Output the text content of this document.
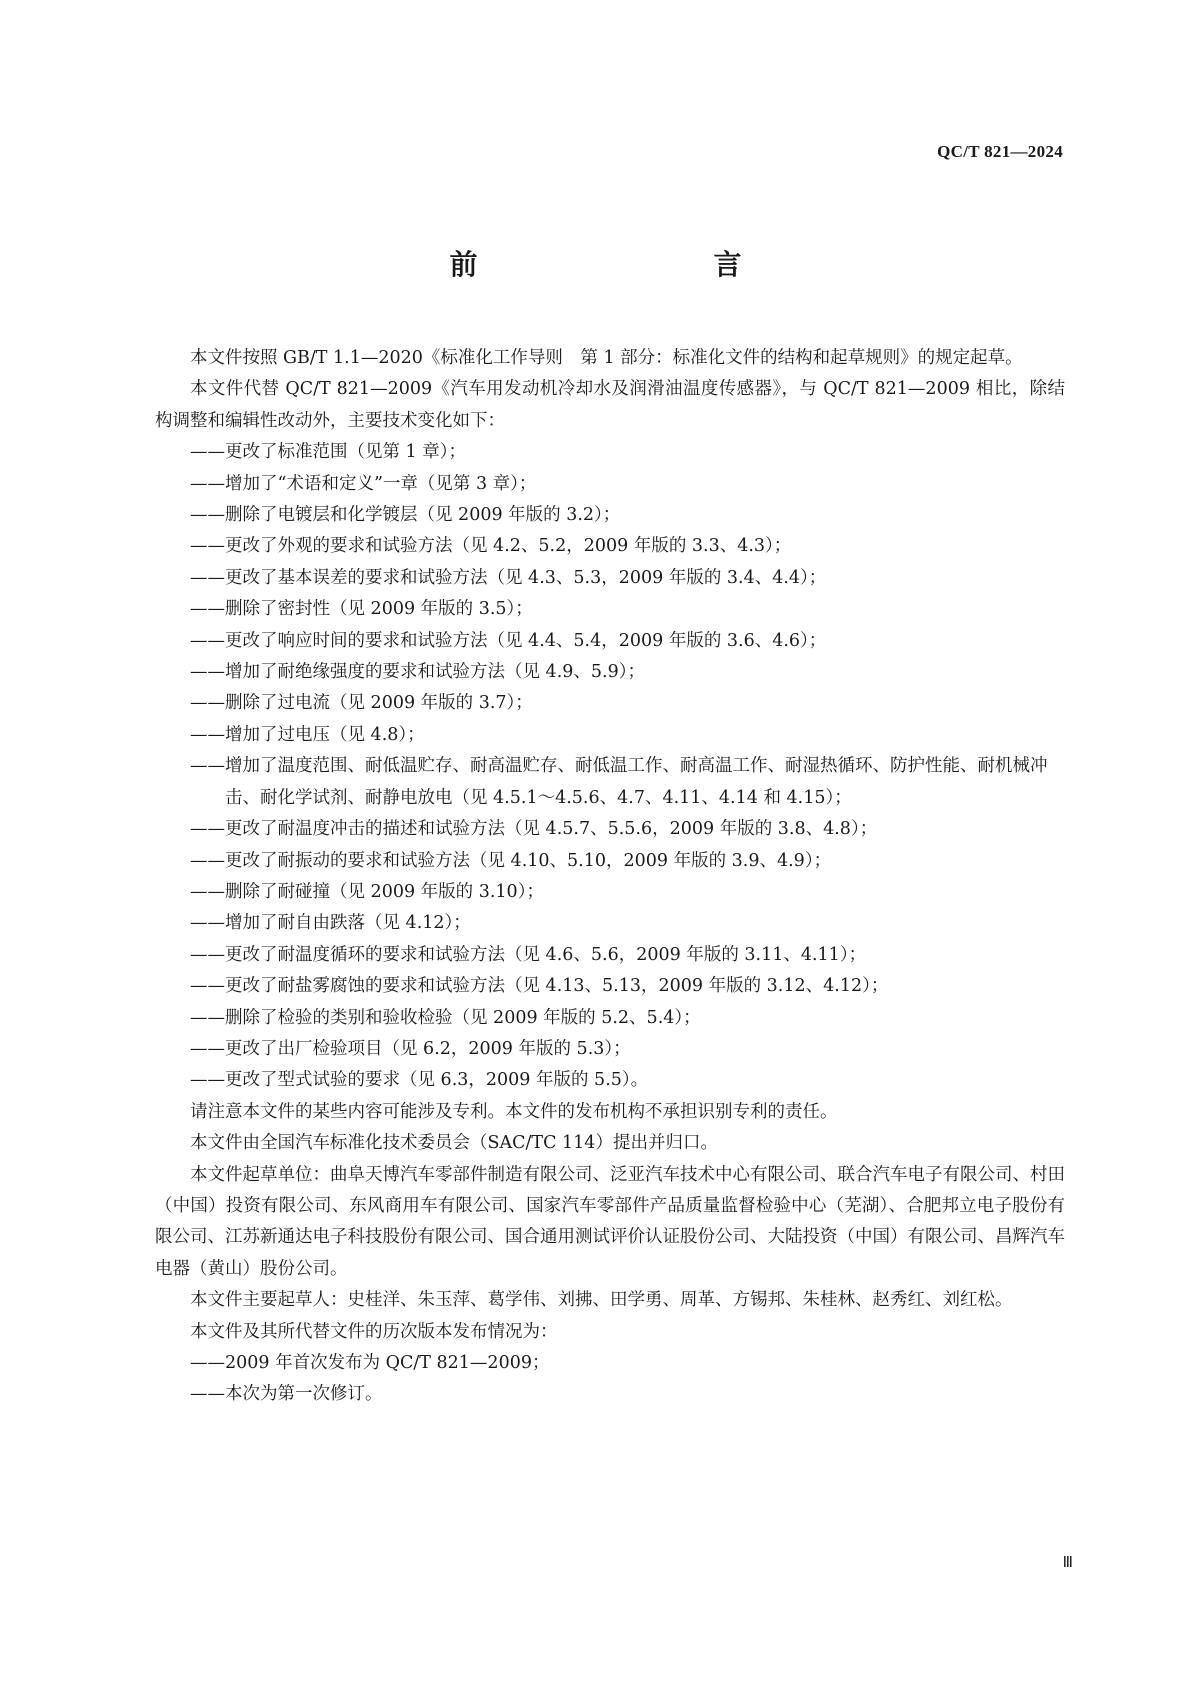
QC/T 821—2024
前　　言

本文件按照 GB/T 1.1—2020《标准化工作导则　第 1 部分：标准化文件的结构和起草规则》的规定起草。

本文件代替 QC/T 821—2009《汽车用发动机冷却水及润滑油温度传感器》，与 QC/T 821—2009 相比，除结构调整和编辑性改动外，主要技术变化如下：

——更改了标准范围（见第 1 章）；

——增加了“术语和定义”一章（见第 3 章）；

——删除了电镀层和化学镀层（见 2009 年版的 3.2）；

——更改了外观的要求和试验方法（见 4.2、5.2，2009 年版的 3.3、4.3）；

——更改了基本误差的要求和试验方法（见 4.3、5.3，2009 年版的 3.4、4.4）；

——删除了密封性（见 2009 年版的 3.5）；

——更改了响应时间的要求和试验方法（见 4.4、5.4，2009 年版的 3.6、4.6）；

——增加了耐绝缘强度的要求和试验方法（见 4.9、5.9）；

——删除了过电流（见 2009 年版的 3.7）；

——增加了过电压（见 4.8）；

——增加了温度范围、耐低温贮存、耐高温贮存、耐低温工作、耐高温工作、耐湿热循环、防护性能、耐机械冲击、耐化学试剂、耐静电放电（见 4.5.1～4.5.6、4.7、4.11、4.14 和 4.15）；

——更改了耐温度冲击的描述和试验方法（见 4.5.7、5.5.6，2009 年版的 3.8、4.8）；

——更改了耐振动的要求和试验方法（见 4.10、5.10，2009 年版的 3.9、4.9）；

——删除了耐碰撞（见 2009 年版的 3.10）；

——增加了耐自由跌落（见 4.12）；

——更改了耐温度循环的要求和试验方法（见 4.6、5.6，2009 年版的 3.11、4.11）；

——更改了耐盐雾腐蚀的要求和试验方法（见 4.13、5.13，2009 年版的 3.12、4.12）；

——删除了检验的类别和验收检验（见 2009 年版的 5.2、5.4）；

——更改了出厂检验项目（见 6.2，2009 年版的 5.3）；

——更改了型式试验的要求（见 6.3，2009 年版的 5.5）。

请注意本文件的某些内容可能涉及专利。本文件的发布机构不承担识别专利的责任。

本文件由全国汽车标准化技术委员会（SAC/TC 114）提出并归口。

本文件起草单位：曲阜天博汽车零部件制造有限公司、泛亚汽车技术中心有限公司、联合汽车电子有限公司、村田（中国）投资有限公司、东风商用车有限公司、国家汽车零部件产品质量监督检验中心（芜湖）、合肥邦立电子股份有限公司、江苏新通达电子科技股份有限公司、国合通用测试评价认证股份公司、大陆投资（中国）有限公司、昌辉汽车电器（黄山）股份公司。

本文件主要起草人：史桂洋、朱玉萍、葛学伟、刘拂、田学勇、周革、方锡邦、朱桂林、赵秀红、刘红松。

本文件及其所代替文件的历次版本发布情况为：

——2009 年首次发布为 QC/T 821—2009；

——本次为第一次修订。

Ⅲ
